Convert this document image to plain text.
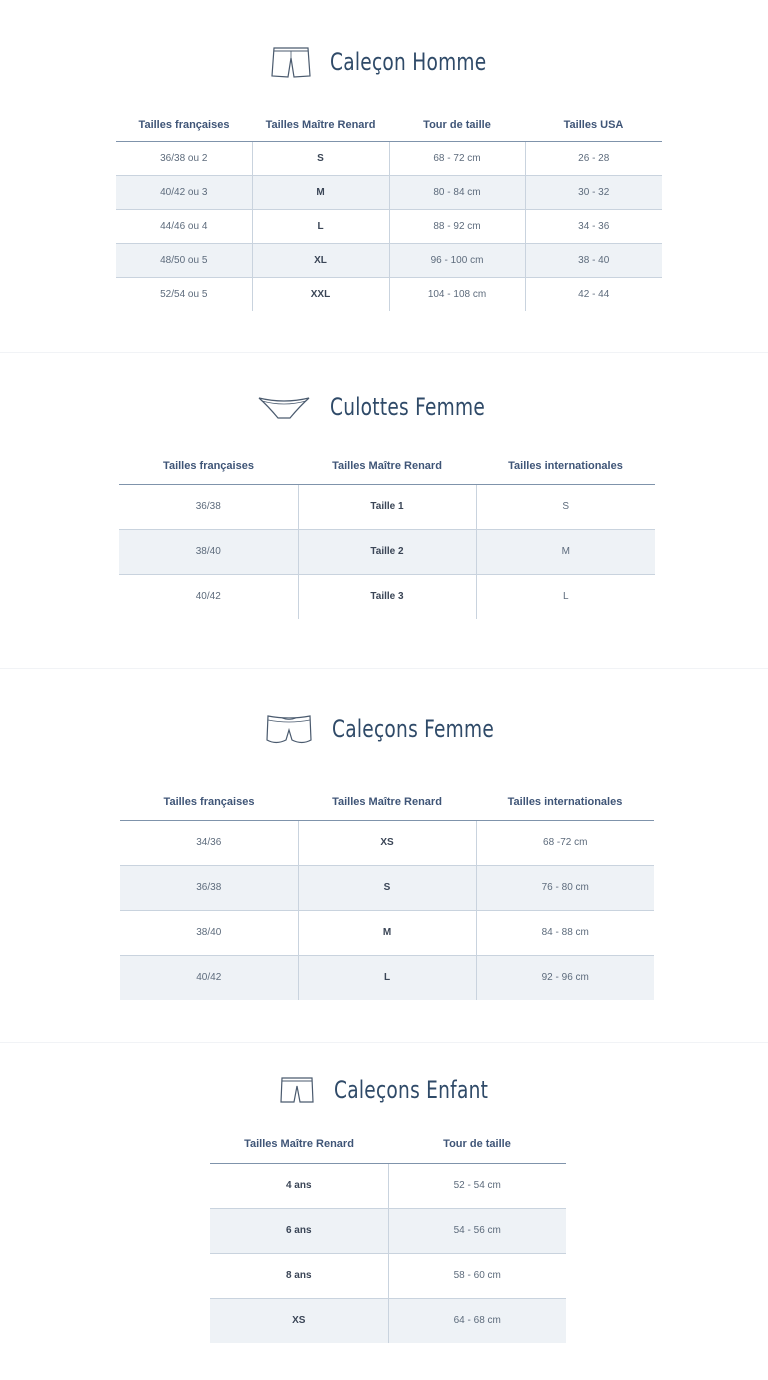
Caleçon Homme
Tailles françaises	Tailles Maître Renard	Tour de taille	Tailles USA
36/38 ou 2	S	68 - 72 cm	26 - 28
40/42 ou 3	M	80 - 84 cm	30 - 32
44/46 ou 4	L	88 - 92 cm	34 - 36
48/50 ou 5	XL	96 - 100 cm	38 - 40
52/54 ou 5	XXL	104 - 108 cm	42 - 44
Culottes Femme
Tailles françaises	Tailles Maître Renard	Tailles internationales
36/38	Taille 1	S
38/40	Taille 2	M
40/42	Taille 3	L
Caleçons Femme
Tailles françaises	Tailles Maître Renard	Tailles internationales
34/36	XS	68 -72 cm
36/38	S	76 - 80 cm
38/40	M	84 - 88 cm
40/42	L	92 - 96 cm
Caleçons Enfant
Tailles Maître Renard	Tour de taille
4 ans	52 - 54 cm
6 ans	54 - 56 cm
8 ans	58 - 60 cm
XS	64 - 68 cm
